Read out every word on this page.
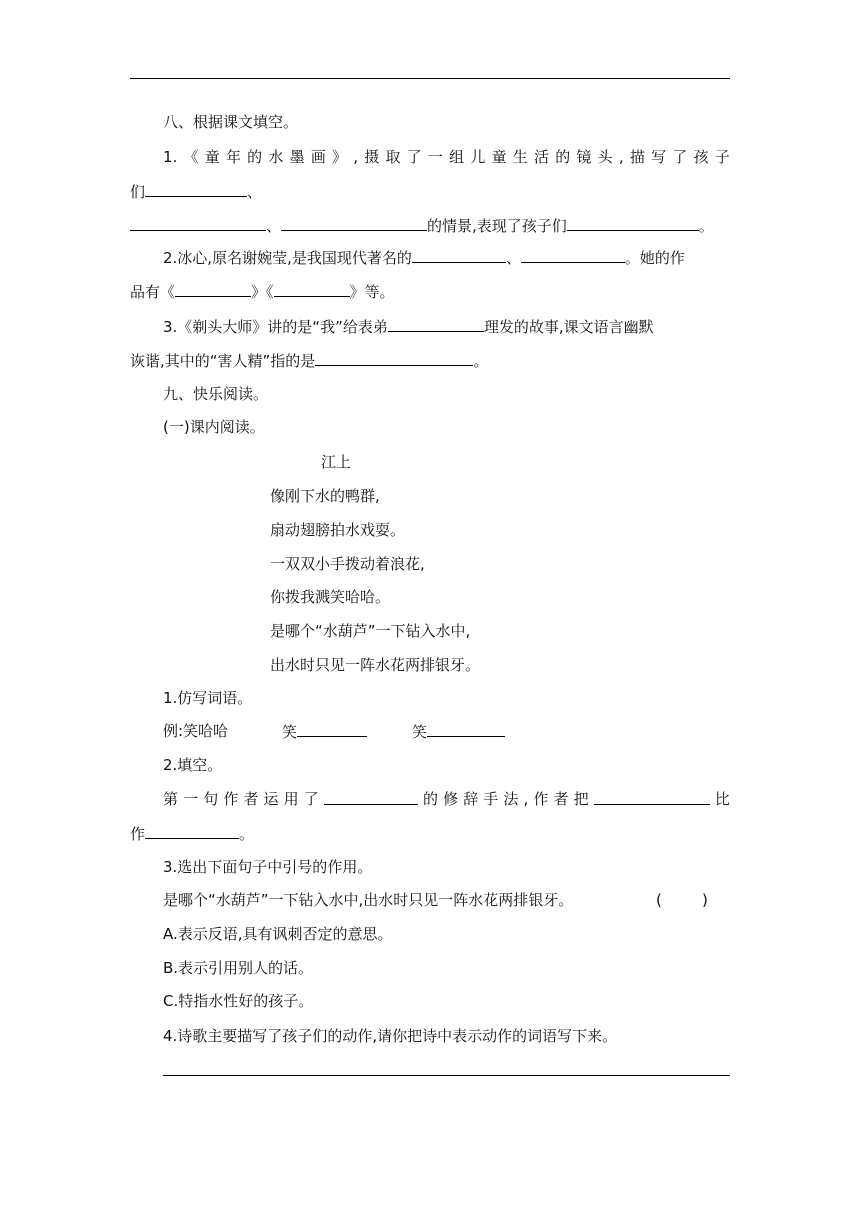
八、根据课文填空。
1. 《 童 年 的 水 墨 画 》 , 摄 取 了 一 组 儿 童 生 活 的 镜 头 , 描 写 了 孩 子
们	、
、	的情景,表现了孩子们	。
2.冰心,原名谢婉莹,是我国现代著名的	、	。她的作
品有《	》《	》等。
3.《剃头大师》讲的是“我”给表弟	理发的故事,课文语言幽默
诙谐,其中的“害人精”指的是	。
九、快乐阅读。
(一)课内阅读。
江上
像刚下水的鸭群,
扇动翅膀拍水戏耍。
一双双小手拨动着浪花,
你拨我溅笑哈哈。
是哪个“水葫芦”一下钻入水中,
出水时只见一阵水花两排银牙。
1.仿写词语。
例:笑哈哈	笑	笑
2.填空。
第 一 句 作 者 运 用 了	的 修 辞 手 法 , 作 者 把	比
作	。
3.选出下面句子中引号的作用。
是哪个“水葫芦”一下钻入水中,出水时只见一阵水花两排银牙。	(	)
A.表示反语,具有讽刺否定的意思。
B.表示引用别人的话。
C.特指水性好的孩子。
4.诗歌主要描写了孩子们的动作,请你把诗中表示动作的词语写下来。
